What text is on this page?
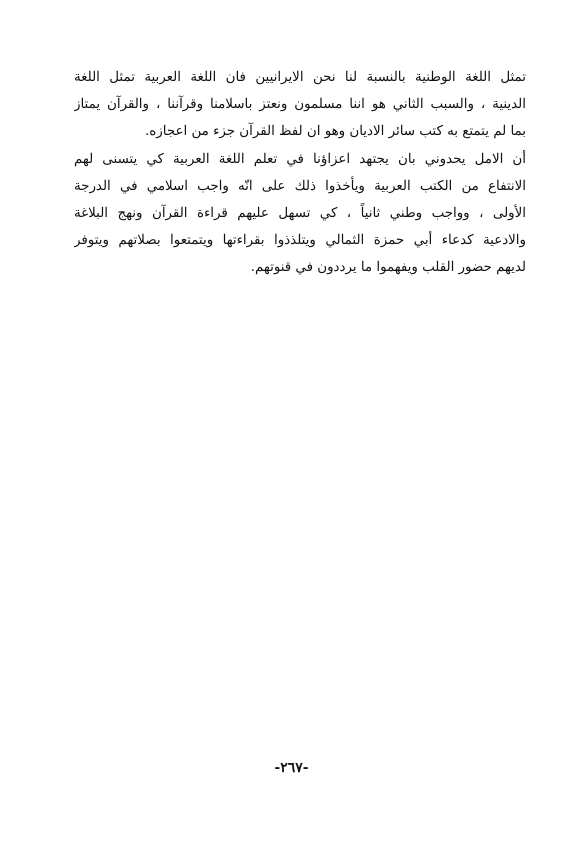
تمثل اللغة الوطنية بالنسبة لنا نحن الايرانيين فان اللغة العربية تمثل اللغة
الدينية ، والسبب الثاني هو اننا مسلمون ونعتز باسلامنا وقرآننا ، والقرآن يمتاز
بما لم يتمتع به كتب سائر الاديان وهو ان لفظ القرآن جزء من اعجازه.
أن الامل يحدوني بان يجتهد اعزاؤنا في تعلم اللغة العربية كي يتسنى لهم
الانتفاع من الكتب العربية ويأخذوا ذلك على انّه واجب اسلامي في الدرجة
الأولى ، وواجب وطني ثانياً ، كي تسهل عليهم قراءة القرآن ونهج البلاغة
والادعية كدعاء أبي حمزة الثمالي ويتلذذوا بقراءتها ويتمتعوا بصلاتهم ويتوفر
لديهم حضور القلب ويفهموا ما يرددون في قنوتهم.
-٢٦٧-
